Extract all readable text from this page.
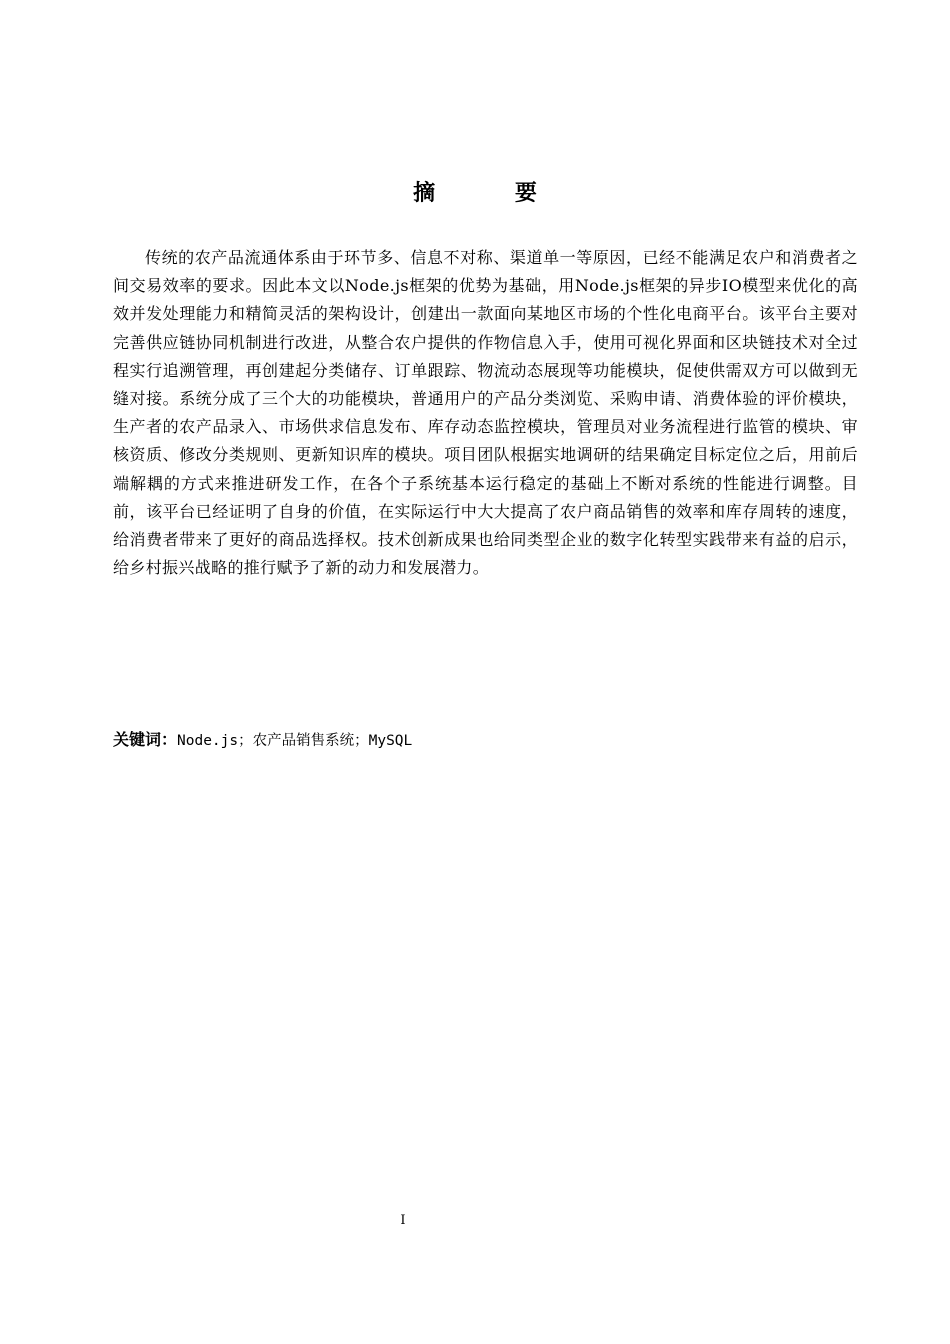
摘 要

传统的农产品流通体系由于环节多、信息不对称、渠道单一等原因，已经不能满足农户和消费者之间交易效率的要求。因此本文以Node.js框架的优势为基础，用Node.js框架的异步IO模型来优化的高效并发处理能力和精简灵活的架构设计，创建出一款面向某地区市场的个性化电商平台。该平台主要对完善供应链协同机制进行改进，从整合农户提供的作物信息入手，使用可视化界面和区块链技术对全过程实行追溯管理，再创建起分类储存、订单跟踪、物流动态展现等功能模块，促使供需双方可以做到无缝对接。系统分成了三个大的功能模块，普通用户的产品分类浏览、采购申请、消费体验的评价模块，生产者的农产品录入、市场供求信息发布、库存动态监控模块，管理员对业务流程进行监管的模块、审核资质、修改分类规则、更新知识库的模块。项目团队根据实地调研的结果确定目标定位之后，用前后端解耦的方式来推进研发工作，在各个子系统基本运行稳定的基础上不断对系统的性能进行调整。目前，该平台已经证明了自身的价值，在实际运行中大大提高了农户商品销售的效率和库存周转的速度，给消费者带来了更好的商品选择权。技术创新成果也给同类型企业的数字化转型实践带来有益的启示，给乡村振兴战略的推行赋予了新的动力和发展潜力。

关键词：Node.js；农产品销售系统；MySQL
I
